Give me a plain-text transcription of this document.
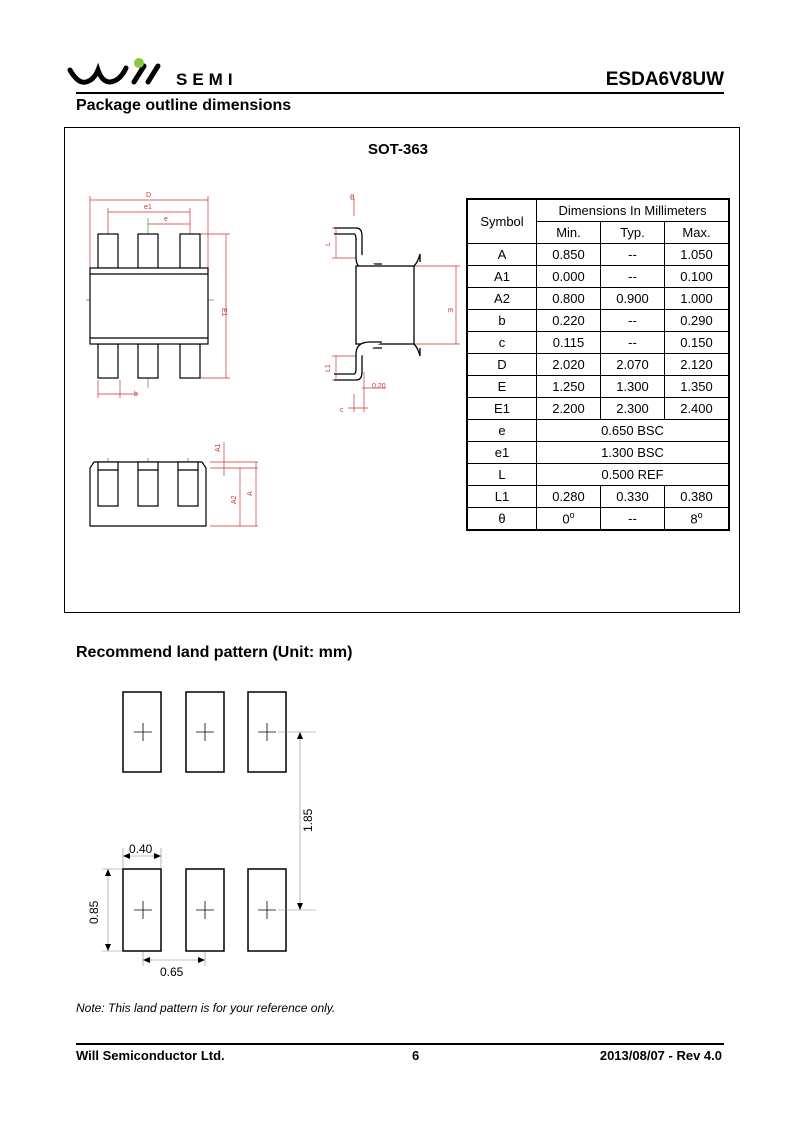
SEMI	ESDA6V8UW
Package outline dimensions
SOT-363
D
e1
e
E1
b
θ
L
E
L1
0.20
c
A1
A2
A
Symbol	Dimensions In Millimeters		
	Min.	Typ.	Max.
A	0.850	--	1.050
A1	0.000	--	0.100
A2	0.800	0.900	1.000
b	0.220	--	0.290
c	0.115	--	0.150
D	2.020	2.070	2.120
E	1.250	1.300	1.350
E1	2.200	2.300	2.400
e	0.650 BSC		
e1	1.300 BSC		
L	0.500 REF		
L1	0.280	0.330	0.380
θ	0$^o$	--	8$^o$
Recommend land pattern (Unit: mm)
1.85
0.40
0.85
0.65
Note: This land pattern is for your reference only.
Will Semiconductor Ltd.	6	2013/08/07 - Rev 4.0
